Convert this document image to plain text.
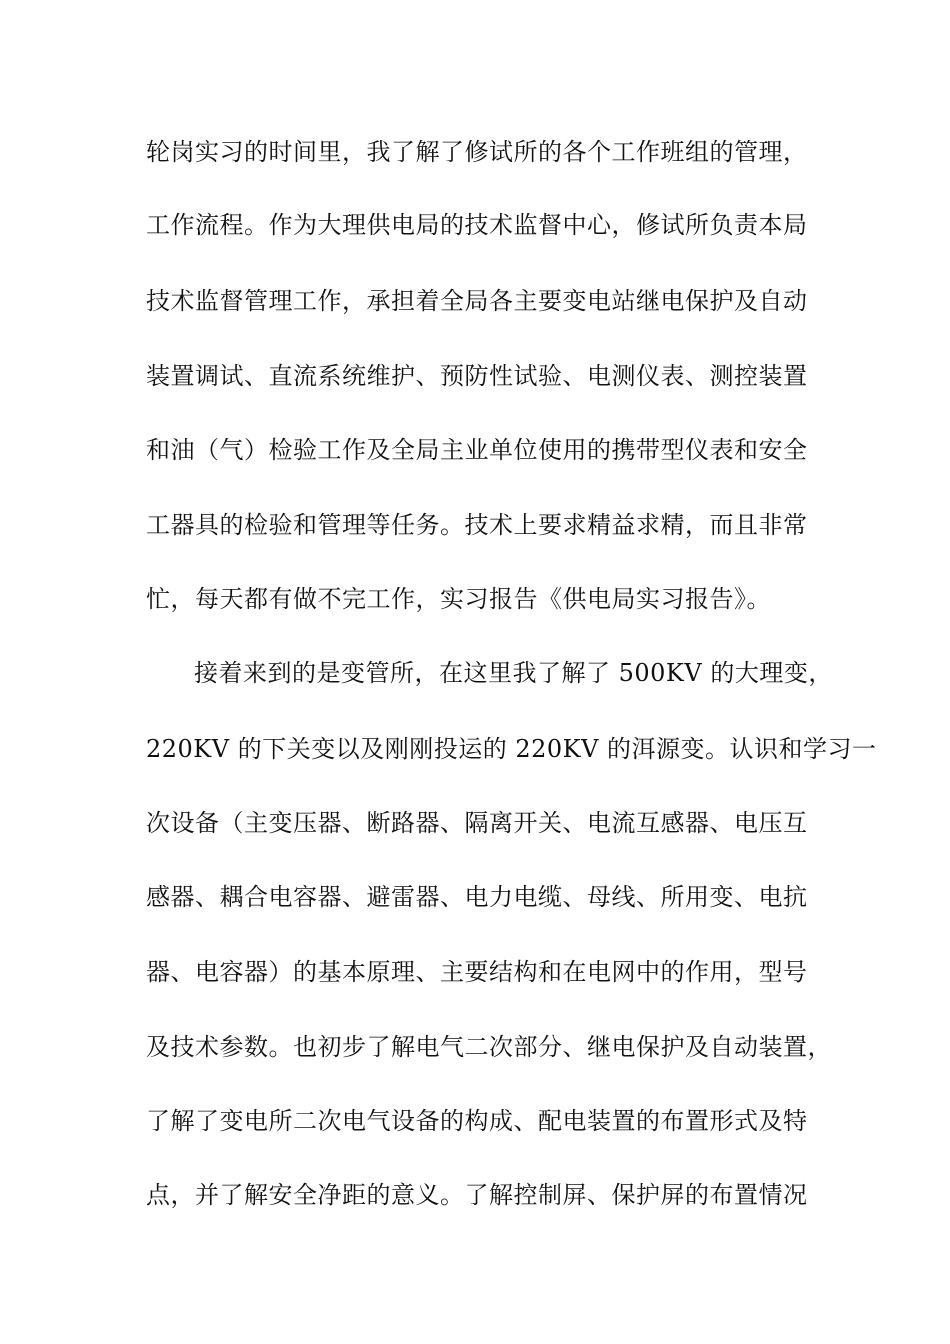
轮岗实习的时间里，我了解了修试所的各个工作班组的管理，
工作流程。作为大理供电局的技术监督中心，修试所负责本局
技术监督管理工作，承担着全局各主要变电站继电保护及自动
装置调试、直流系统维护、预防性试验、电测仪表、测控装置
和油（气）检验工作及全局主业单位使用的携带型仪表和安全
工器具的检验和管理等任务。技术上要求精益求精，而且非常
忙，每天都有做不完工作，实习报告《供电局实习报告》。
接着来到的是变管所，在这里我了解了 500KV 的大理变，
220KV 的下关变以及刚刚投运的 220KV 的洱源变。认识和学习一
次设备（主变压器、断路器、隔离开关、电流互感器、电压互
感器、耦合电容器、避雷器、电力电缆、母线、所用变、电抗
器、电容器）的基本原理、主要结构和在电网中的作用，型号
及技术参数。也初步了解电气二次部分、继电保护及自动装置，
了解了变电所二次电气设备的构成、配电装置的布置形式及特
点，并了解安全净距的意义。了解控制屏、保护屏的布置情况
